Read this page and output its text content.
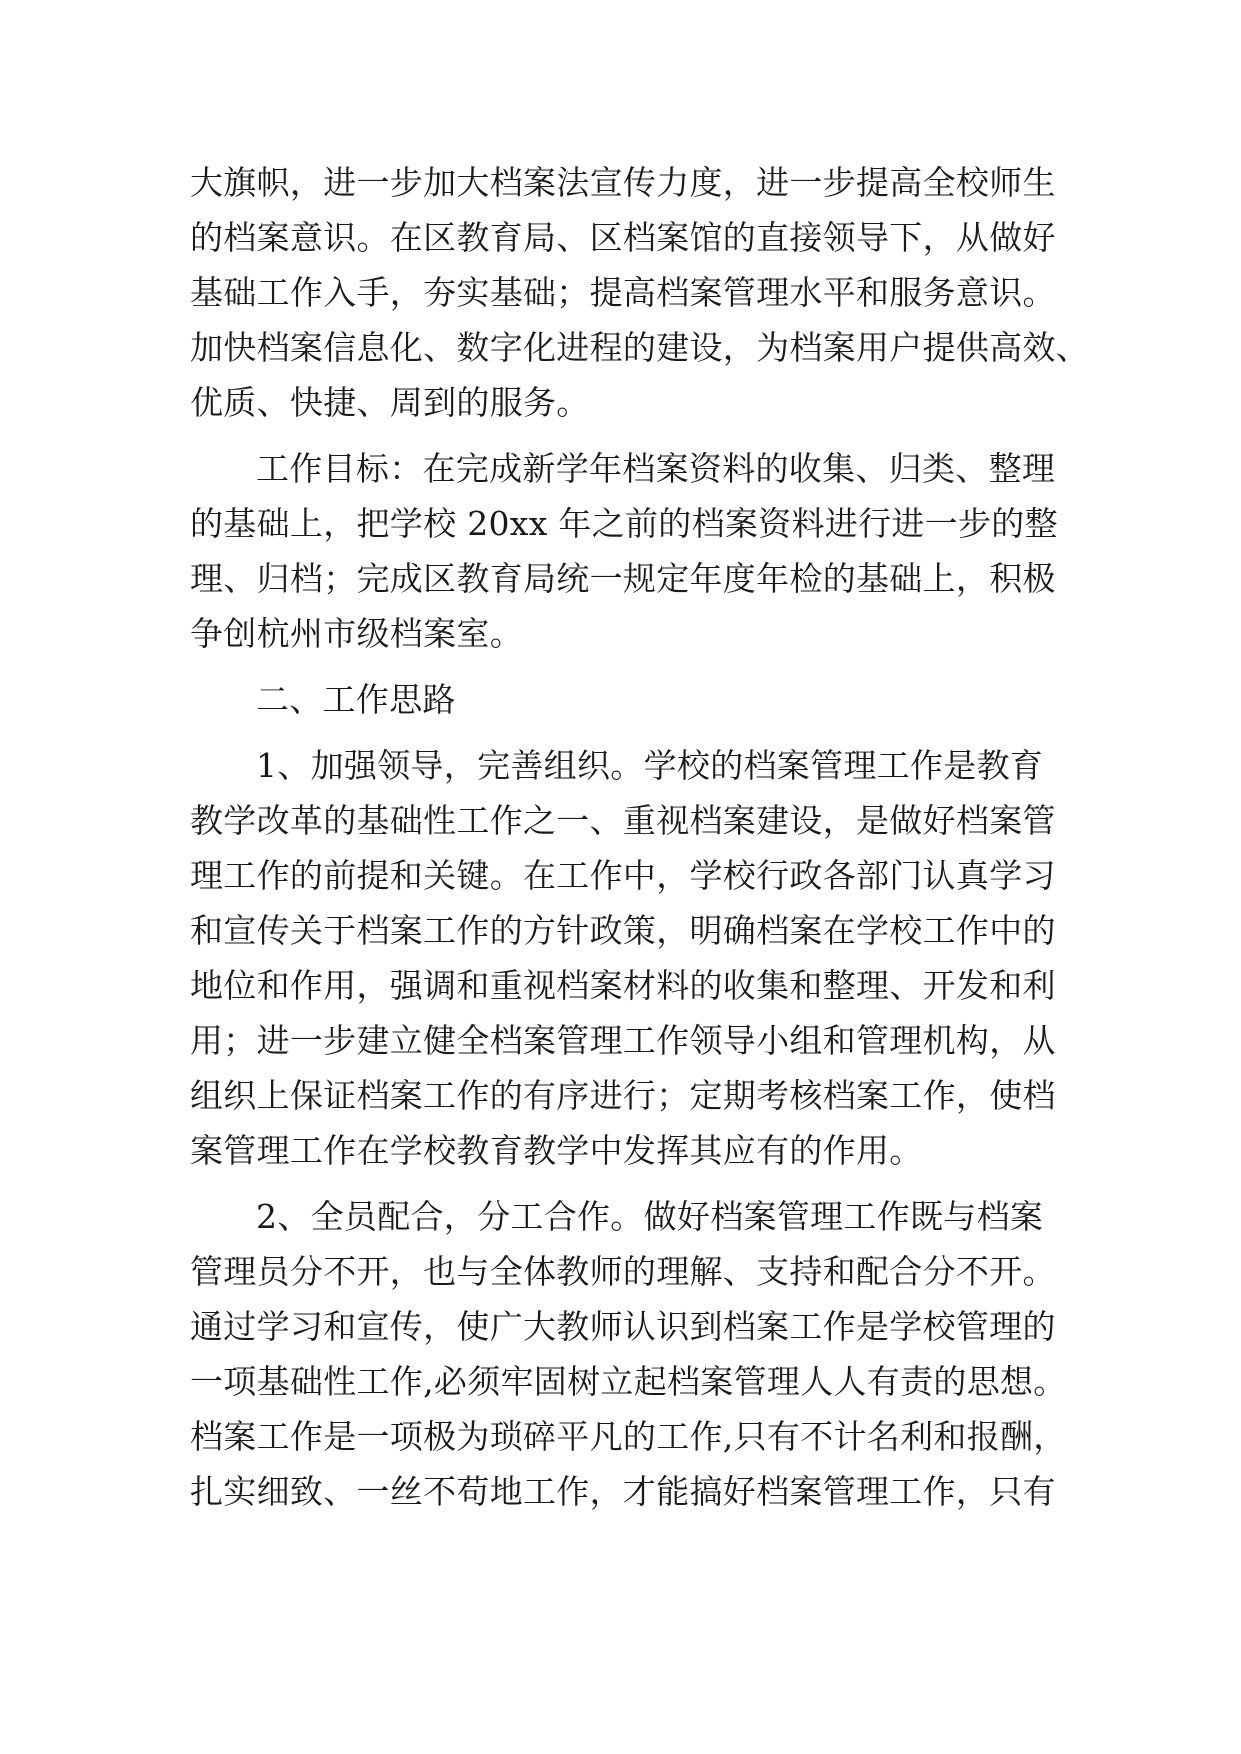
大旗帜，进一步加大档案法宣传力度，进一步提高全校师生
的档案意识。在区教育局、区档案馆的直接领导下，从做好
基础工作入手，夯实基础；提高档案管理水平和服务意识。
加快档案信息化、数字化进程的建设，为档案用户提供高效、
优质、快捷、周到的服务。
工作目标：在完成新学年档案资料的收集、归类、整理
的基础上，把学校 20xx 年之前的档案资料进行进一步的整
理、归档；完成区教育局统一规定年度年检的基础上，积极
争创杭州市级档案室。
二、工作思路
1、加强领导，完善组织。学校的档案管理工作是教育
教学改革的基础性工作之一、重视档案建设，是做好档案管
理工作的前提和关键。在工作中，学校行政各部门认真学习
和宣传关于档案工作的方针政策，明确档案在学校工作中的
地位和作用，强调和重视档案材料的收集和整理、开发和利
用；进一步建立健全档案管理工作领导小组和管理机构，从
组织上保证档案工作的有序进行；定期考核档案工作，使档
案管理工作在学校教育教学中发挥其应有的作用。
2、全员配合，分工合作。做好档案管理工作既与档案
管理员分不开，也与全体教师的理解、支持和配合分不开。
通过学习和宣传，使广大教师认识到档案工作是学校管理的
一项基础性工作,必须牢固树立起档案管理人人有责的思想。
档案工作是一项极为琐碎平凡的工作,只有不计名利和报酬，
扎实细致、一丝不苟地工作，才能搞好档案管理工作，只有
